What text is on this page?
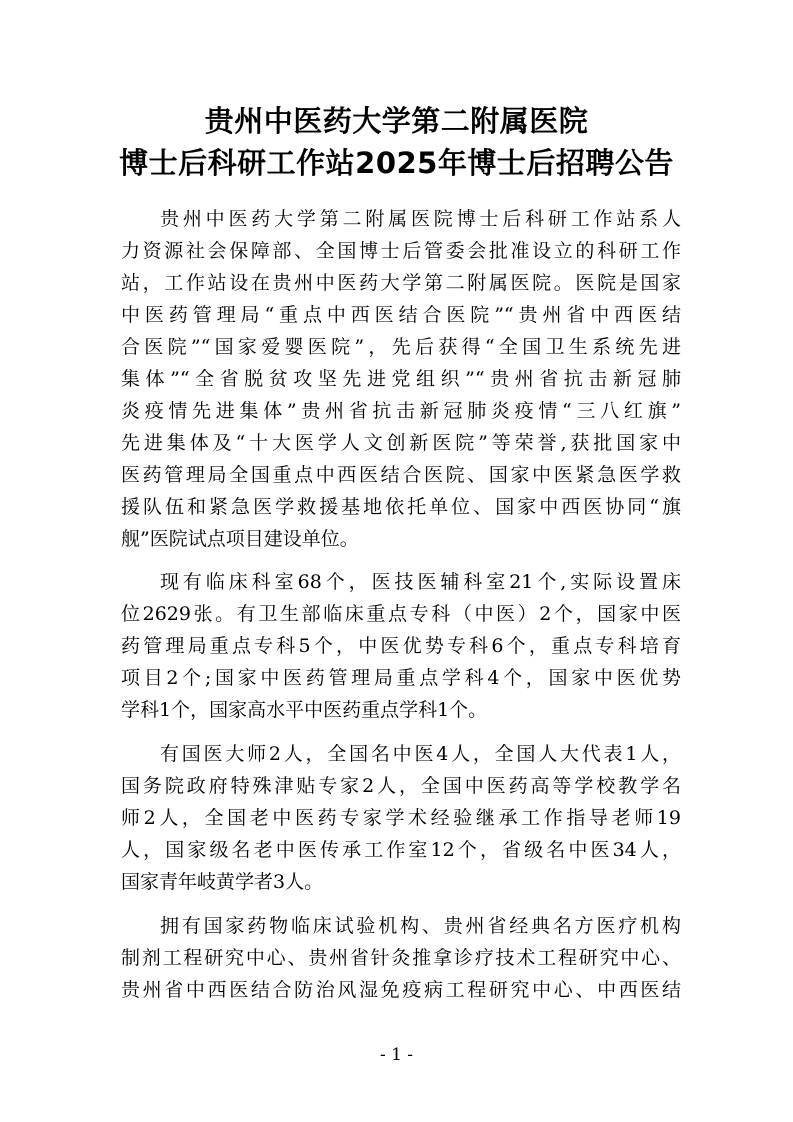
贵州中医药大学第二附属医院
博士后科研工作站2025年博士后招聘公告
贵州中医药大学第二附属医院博士后科研工作站系人
力资源社会保障部、全国博士后管委会批准设立的科研工作
站，工作站设在贵州中医药大学第二附属医院。医院是国家
中医药管理局“重点中西医结合医院”“贵州省中西医结
合医院”“国家爱婴医院”，先后获得“全国卫生系统先进
集体”“全省脱贫攻坚先进党组织”“贵州省抗击新冠肺
炎疫情先进集体”贵州省抗击新冠肺炎疫情“三八红旗”
先进集体及“十大医学人文创新医院”等荣誉,获批国家中
医药管理局全国重点中西医结合医院、国家中医紧急医学救
援队伍和紧急医学救援基地依托单位、国家中西医协同“旗
舰”医院试点项目建设单位。
现有临床科室68个，医技医辅科室21个,实际设置床
位2629张。有卫生部临床重点专科（中医）2个，国家中医
药管理局重点专科5个，中医优势专科6个，重点专科培育
项目2个;国家中医药管理局重点学科4个，国家中医优势
学科1个，国家高水平中医药重点学科1个。
有国医大师2人，全国名中医4人，全国人大代表1人，
国务院政府特殊津贴专家2人，全国中医药高等学校教学名
师2人，全国老中医药专家学术经验继承工作指导老师19
人，国家级名老中医传承工作室12个，省级名中医34人，
国家青年岐黄学者3人。
拥有国家药物临床试验机构、贵州省经典名方医疗机构
制剂工程研究中心、贵州省针灸推拿诊疗技术工程研究中心、
贵州省中西医结合防治风湿免疫病工程研究中心、中西医结
- 1 -
